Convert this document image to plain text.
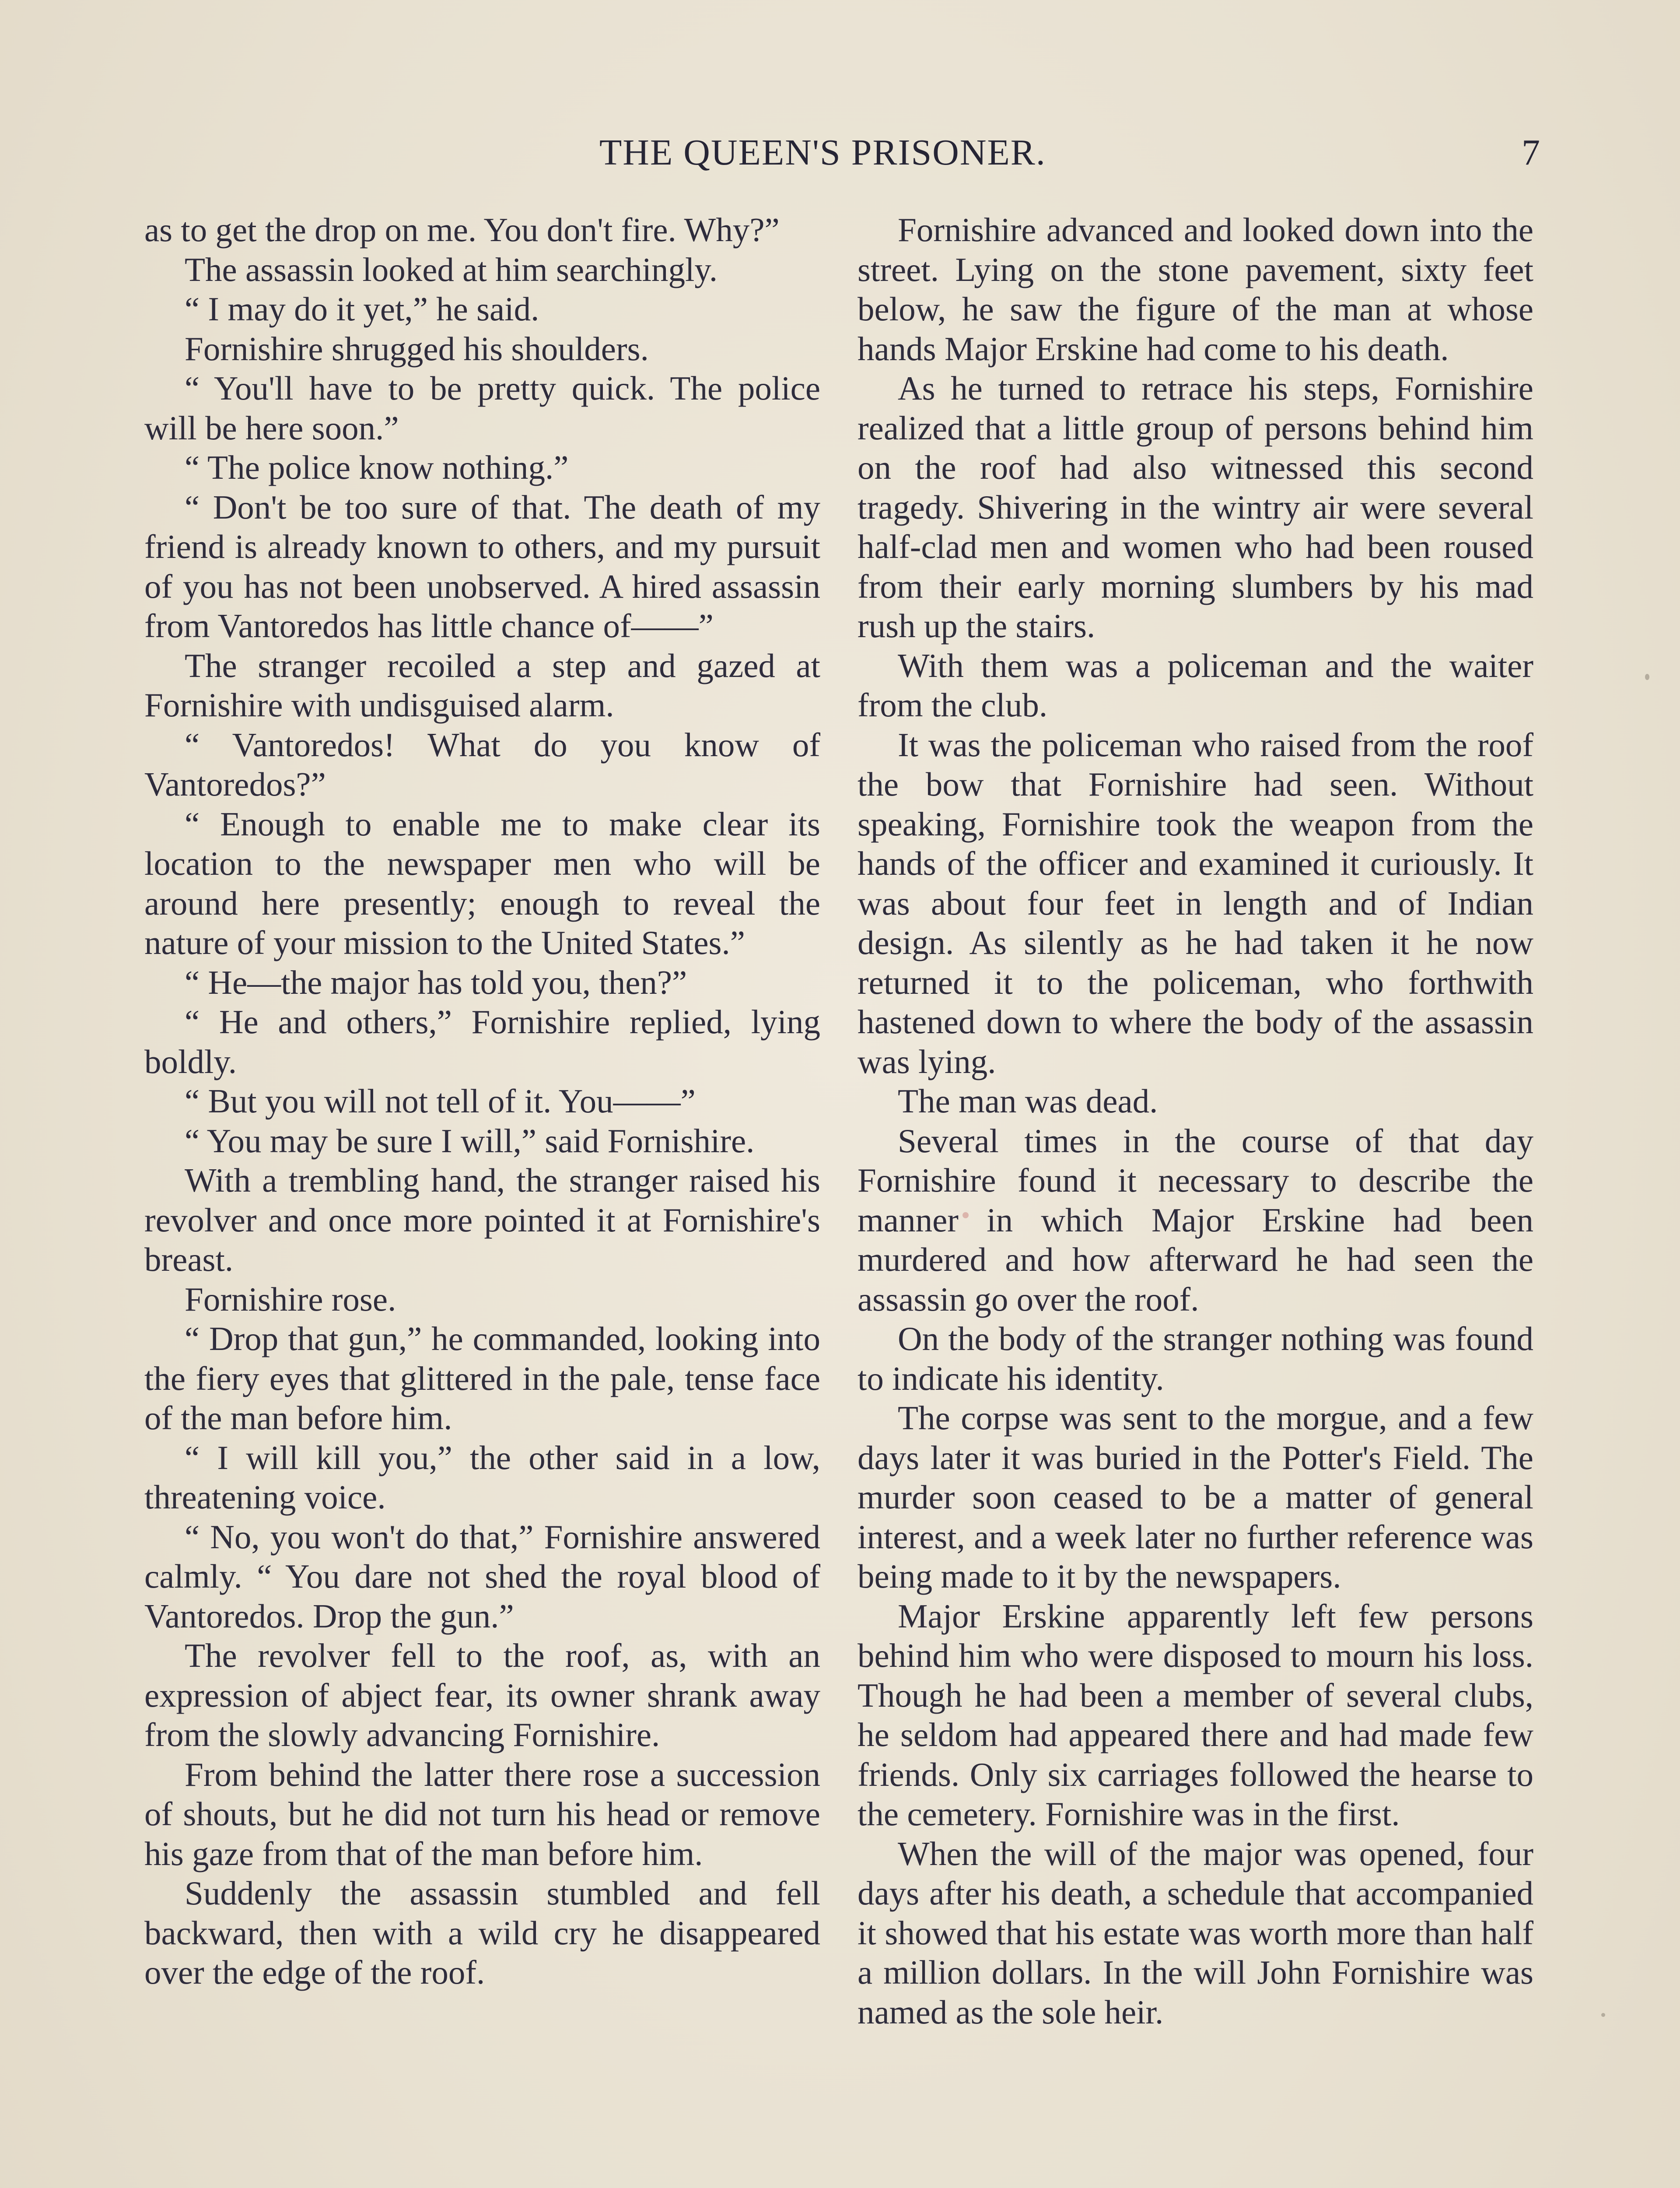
THE QUEEN'S PRISONER.	7

as to get the drop on me. You don't fire. Why?”

The assassin looked at him searchingly.

“ I may do it yet,” he said.

Fornishire shrugged his shoulders.

“ You'll have to be pretty quick. The police will be here soon.”

“ The police know nothing.”

“ Don't be too sure of that. The death of my friend is already known to others, and my pursuit of you has not been unobserved. A hired assassin from Vantoredos has little chance of——”

The stranger recoiled a step and gazed at Fornishire with undisguised alarm.

“ Vantoredos! What do you know of Vantoredos?”

“ Enough to enable me to make clear its location to the newspaper men who will be around here presently; enough to reveal the nature of your mission to the United States.”

“ He—the major has told you, then?”

“ He and others,” Fornishire replied, lying boldly.

“ But you will not tell of it. You——”

“ You may be sure I will,” said Fornishire.

With a trembling hand, the stranger raised his revolver and once more pointed it at Fornishire's breast.

Fornishire rose.

“ Drop that gun,” he commanded, looking into the fiery eyes that glittered in the pale, tense face of the man before him.

“ I will kill you,” the other said in a low, threatening voice.

“ No, you won't do that,” Fornishire answered calmly. “ You dare not shed the royal blood of Vantoredos. Drop the gun.”

The revolver fell to the roof, as, with an expression of abject fear, its owner shrank away from the slowly advancing Fornishire.

From behind the latter there rose a succession of shouts, but he did not turn his head or remove his gaze from that of the man before him.

Suddenly the assassin stumbled and fell backward, then with a wild cry he disappeared over the edge of the roof.

Fornishire advanced and looked down into the street. Lying on the stone pavement, sixty feet below, he saw the figure of the man at whose hands Major Erskine had come to his death.

As he turned to retrace his steps, Fornishire realized that a little group of persons behind him on the roof had also witnessed this second tragedy. Shivering in the wintry air were several half-clad men and women who had been roused from their early morning slumbers by his mad rush up the stairs.

With them was a policeman and the waiter from the club.

It was the policeman who raised from the roof the bow that Fornishire had seen. Without speaking, Fornishire took the weapon from the hands of the officer and examined it curiously. It was about four feet in length and of Indian design. As silently as he had taken it he now returned it to the policeman, who forthwith hastened down to where the body of the assassin was lying.

The man was dead.

Several times in the course of that day Fornishire found it necessary to describe the manner in which Major Erskine had been murdered and how afterward he had seen the assassin go over the roof.

On the body of the stranger nothing was found to indicate his identity.

The corpse was sent to the morgue, and a few days later it was buried in the Potter's Field. The murder soon ceased to be a matter of general interest, and a week later no further reference was being made to it by the newspapers.

Major Erskine apparently left few persons behind him who were disposed to mourn his loss. Though he had been a member of several clubs, he seldom had appeared there and had made few friends. Only six carriages followed the hearse to the cemetery. Fornishire was in the first.

When the will of the major was opened, four days after his death, a schedule that accompanied it showed that his estate was worth more than half a million dollars. In the will John Fornishire was named as the sole heir.
